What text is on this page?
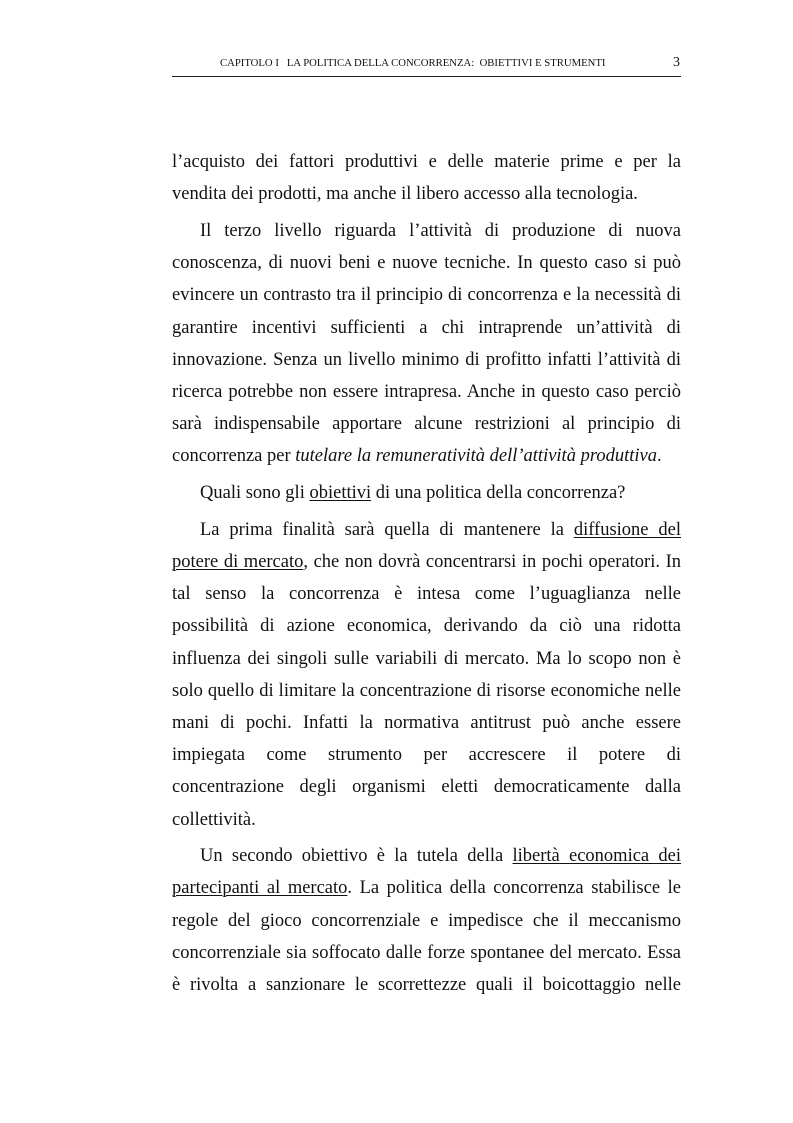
CAPITOLO I   LA POLITICA DELLA CONCORRENZA:  OBIETTIVI E STRUMENTI	3
l’acquisto dei fattori produttivi e delle materie prime e per la
vendita dei prodotti, ma anche il libero accesso alla tecnologia.
Il terzo livello riguarda l’attività di produzione di nuova
conoscenza, di nuovi beni e nuove tecniche. In questo caso si può
evincere un contrasto tra il principio di concorrenza e la necessità di
garantire incentivi sufficienti a chi intraprende un’attività di
innovazione. Senza un livello minimo di profitto infatti l’attività di
ricerca potrebbe non essere intrapresa. Anche in questo caso perciò
sarà indispensabile apportare alcune restrizioni al principio di
concorrenza per tutelare la remuneratività dell’attività produttiva.
Quali sono gli obiettivi di una politica della concorrenza?
La prima finalità sarà quella di mantenere la diffusione del
potere di mercato, che non dovrà concentrarsi in pochi operatori. In
tal senso la concorrenza è intesa come l’uguaglianza nelle
possibilità di azione economica, derivando da ciò una ridotta
influenza dei singoli sulle variabili di mercato. Ma lo scopo non è
solo quello di limitare la concentrazione di risorse economiche nelle
mani di pochi. Infatti la normativa antitrust può anche essere
impiegata come strumento per accrescere il potere di
concentrazione degli organismi eletti democraticamente dalla
collettività.
Un secondo obiettivo è la tutela della libertà economica dei
partecipanti al mercato. La politica della concorrenza stabilisce le
regole del gioco concorrenziale e impedisce che il meccanismo
concorrenziale sia soffocato dalle forze spontanee del mercato. Essa
è rivolta a sanzionare le scorrettezze quali il boicottaggio nelle
